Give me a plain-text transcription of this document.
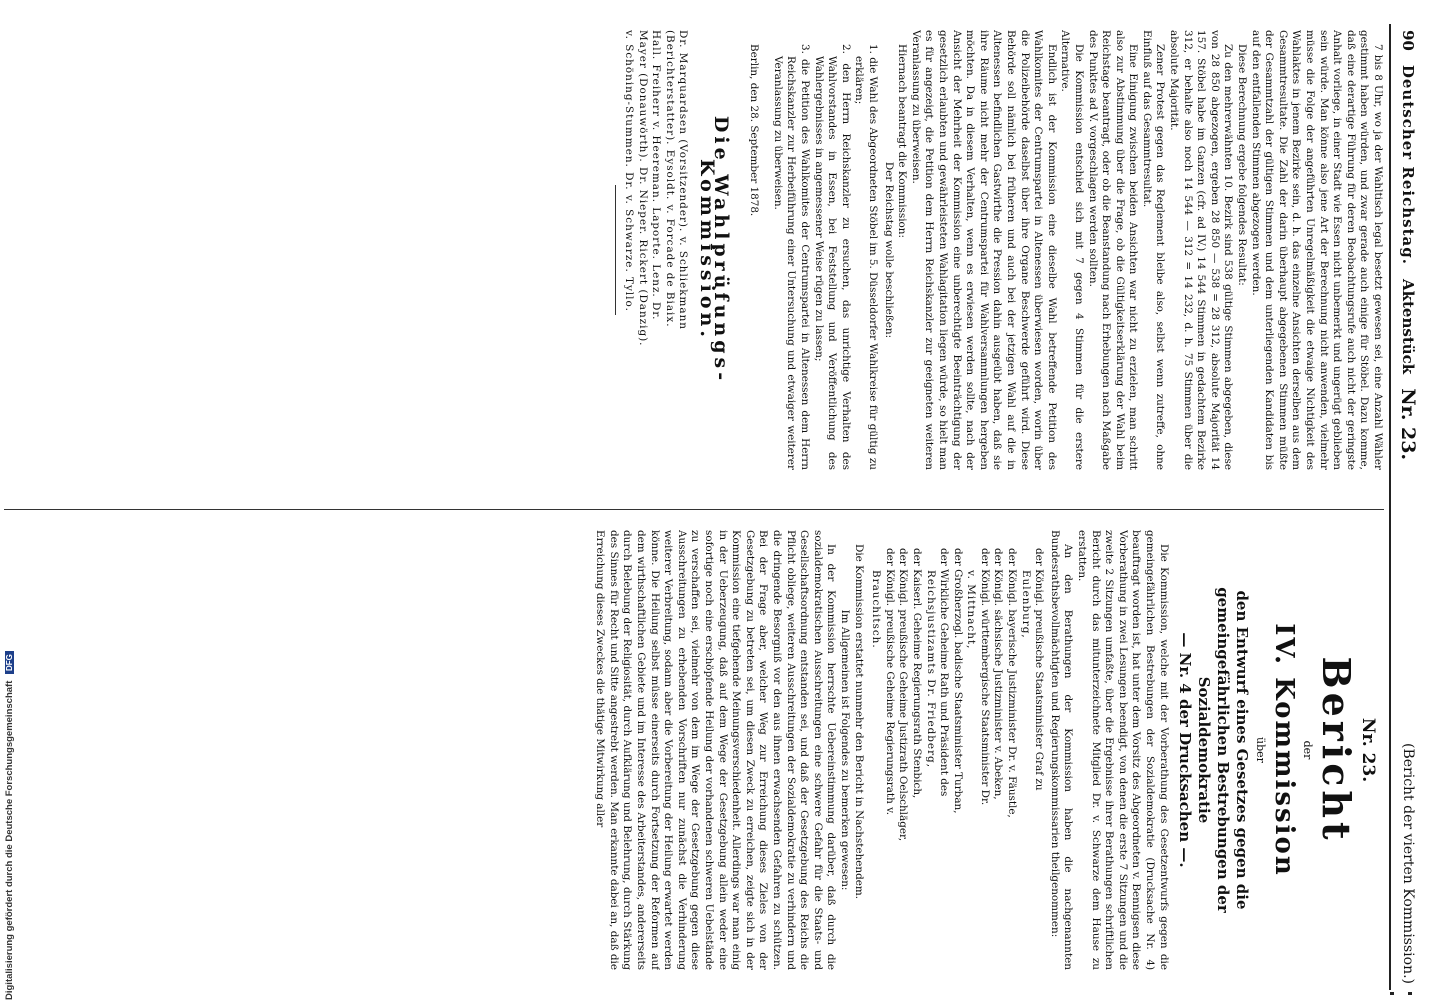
90
Deutscher Reichstag.
Aktenstück
Nr. 23.
(Bericht der vierten Kommission.)

7 bis 8 Uhr, wo ja der Wahltisch legal besetzt gewesen sei, eine Anzahl Wähler gestimmt haben würden, und zwar gerade auch einige für Stöbel. Dazu komme, daß eine derartige Führung für deren Beobachtungsrufe auch nicht der geringste Anhalt vorliege, in einer Stadt wie Essen nicht unbemerkt und ungerügt geblieben sein würde. Man könne also jene Art der Berechnung nicht anwenden, vielmehr müsse die Folge der angeführten Unregelmäßigkeit die etwaige Nichtigkeit des Wahlaktes in jenem Bezirke sein, d. h. das einzelne Ansichten derselben aus dem Gesammtresultate. Die Zahl der darin überhaupt abgegebenen Stimmen müßte der Gesammtzahl der gültigen Stimmen und dem unterliegenden Kandidaten bis auf den entfallenden Stimmen abgezogen werden.

Diese Berechnung ergebe folgendes Resultat:

Zu den mehrerwähnten 10. Bezirk sind 538 gültige Stimmen abgegeben, diese von 28 850 abgezogen, ergeben 28 850 — 538 = 28 312, absolute Majorität 14 157. Stöbel habe im Ganzen (cfr. ad IV.) 14 544 Stimmen in gedachtem Bezirke 312, er behalte also noch 14 544 — 312 = 14 232, d. h. 75 Stimmen über die absolute Majorität.

Zener Protest gegen das Reglement bleibe also, selbst wenn zutreffe, ohne Einfluß auf das Gesammtresultat.

Eine Einigung zwischen beiden Ansichten war nicht zu erzielen, man schritt also zur Abstimmung über die Frage, ob die Gültigkeitserklärung der Wahl beim Reichstage beantragt, oder ob die Beanstandung nach Erhebungen nach Maßgabe des Punktes ad V. vorgeschlagen werden sollten.

Die Kommission entschied sich mit 7 gegen 4 Stimmen für die erstere Alternative.

Endlich ist der Kommission eine dieselbe Wahl betreffende Petition des Wahlkomites der Centrumspartei in Altenessen überwiesen worden, worin über die Polizeibehörde daselbst über ihre Organe Beschwerde geführt wird. Diese Behörde soll nämlich bei früheren und auch bei der jetzigen Wahl auf die in Altenessen befindlichen Gastwirthe die Pression dahin ausgeübt haben, daß sie ihre Räume nicht mehr der Centrumspartei für Wahlversammlungen hergeben möchten. Da in diesem Verhalten, wenn es erwiesen werden sollte, nach der Ansicht der Mehrheit der Kommission eine unberechtigte Beeinträchtigung der gesetzlich erlaubten und gewährleisteten Wahlagitation liegen würde, so hielt man es für angezeigt, die Petition dem Herrn Reichskanzler zur geeigneten weiteren Veranlassung zu überweisen.

Hiernach beantragt die Kommission:

Der Reichstag wolle beschließen:

1. die Wahl des Abgeordneten Stöbel im 5. Düsseldorfer Wahlkreise für gültig zu erklären;

2. den Herrn Reichskanzler zu ersuchen, das unrichtige Verhalten des Wahlvorstandes in Essen, bei Feststellung und Veröffentlichung des Wahlergebnisses in angemessener Weise rügen zu lassen;

3. die Petition des Wahlkomites der Centrumspartei in Altenessen dem Herrn Reichskanzler zur Herbeiführung einer Untersuchung und etwaiger weiterer Veranlassung zu überweisen.

Berlin, den 28. September 1878.

Die Wahlprüfungs-Kommission.

Dr. Marquardsen (Vorsitzender). v. Schliekmann

(Berichterstatter). Eysoldt. v. Forcade de Biaix.

Hall. Freiherr v. Heereman. Laporte. Lenz. Dr.

Mayer (Donauwörth). Dr. Nieper. Rickert (Danzig).

v. Schöning-Stummen. Dr. v. Schwarze. Tyllo.

Nr. 23.
Bericht
der
IV. Kommission
über
den Entwurf eines Gesetzes gegen die gemeingefährlichen Bestrebungen der Sozialdemokratie
— Nr. 4 der Drucksachen —.

Die Kommission, welche mit der Vorberathung des Gesetzentwurfs gegen die gemeingefährlichen Bestrebungen der Sozialdemokratie (Drucksache Nr. 4) beauftragt worden ist, hat unter dem Vorsitz des Abgeordneten v. Bennigsen diese Vorberathung in zwei Lesungen beendigt, von denen die erste 7 Sitzungen und die zweite 2 Sitzungen umfaßte, über die Ergebnisse ihrer Berathungen schriftlichen Bericht durch das mitunterzeichnete Mitglied Dr. v. Schwarze dem Hause zu erstatten.

An den Berathungen der Kommission haben die nachgenannten Bundesrathsbevollmächtigten und Regierungskommissarien theilgenommen:

der Königl. preußische Staatsminister Graf zu

Eulenburg,

der Königl. bayerische Justizminister Dr. v. Fäustle,

der Königl. sächsische Justizminister v. Abeken,

der Königl. württembergische Staatsminister Dr.

v. Mittnacht,

der Großherzogl. badische Staatsminister Turban,

der Wirkliche Geheime Rath und Präsident des

Reichsjustizamts Dr. Friedberg,

der Kaiserl. Geheime Regierungsrath Stenbich,

der Königl. preußische Geheime Justizrath Oelschläger,

der Königl. preußische Geheime Regierungsrath v.

Brauchitsch.

Die Kommission erstattet nunmehr den Bericht in Nachstehendem.

Im Allgemeinen ist Folgendes zu bemerken gewesen:

In der Kommission herrschte Uebereinstimmung darüber, daß durch die sozialdemokratischen Ausschreitungen eine schwere Gefahr für die Staats- und Gesellschaftsordnung entstanden sei, und daß der Gesetzgebung des Reichs die Pflicht obliege, weiteren Ausschreitungen der Sozialdemokratie zu verhindern und die dringende Besorgniß vor den aus ihnen erwachsenden Gefahren zu schützen. Bei der Frage aber, welcher Weg zur Erreichung dieses Zieles von der Gesetzgebung zu betreten sei, um diesen Zweck zu erreichen, zeigte sich in der Kommission eine tiefgehende Meinungsverschiedenheit. Allerdings war man einig in der Ueberzeugung, daß auf dem Wege der Gesetzgebung allein weder eine sofortige noch eine erschöpfende Heilung der vorhandenen schweren Uebelstände zu verschaffen sei, vielmehr von dem im Wege der Gesetzgebung gegen diese Ausschreitungen zu erhebenden Vorschriften nur zunächst die Verhinderung weiterer Verbreitung, sodann aber die Vorbereitung der Heilung erwartet werden könne. Die Heilung selbst müsse einerseits durch Fortsetzung der Reformen auf dem wirthschaftlichen Gebiete und im Interesse des Arbeiterstandes, andererseits durch Belebung der Religiosität, durch Aufklärung und Belehrung, durch Stärkung des Sinnes für Recht und Sitte angestrebt werden. Man erkannte dabei an, daß die Erreichung dieses Zweckes die thätige Mitwirkung aller

Digitalisierung gefördert durch die Deutsche Forschungsgemeinschaft DFG
